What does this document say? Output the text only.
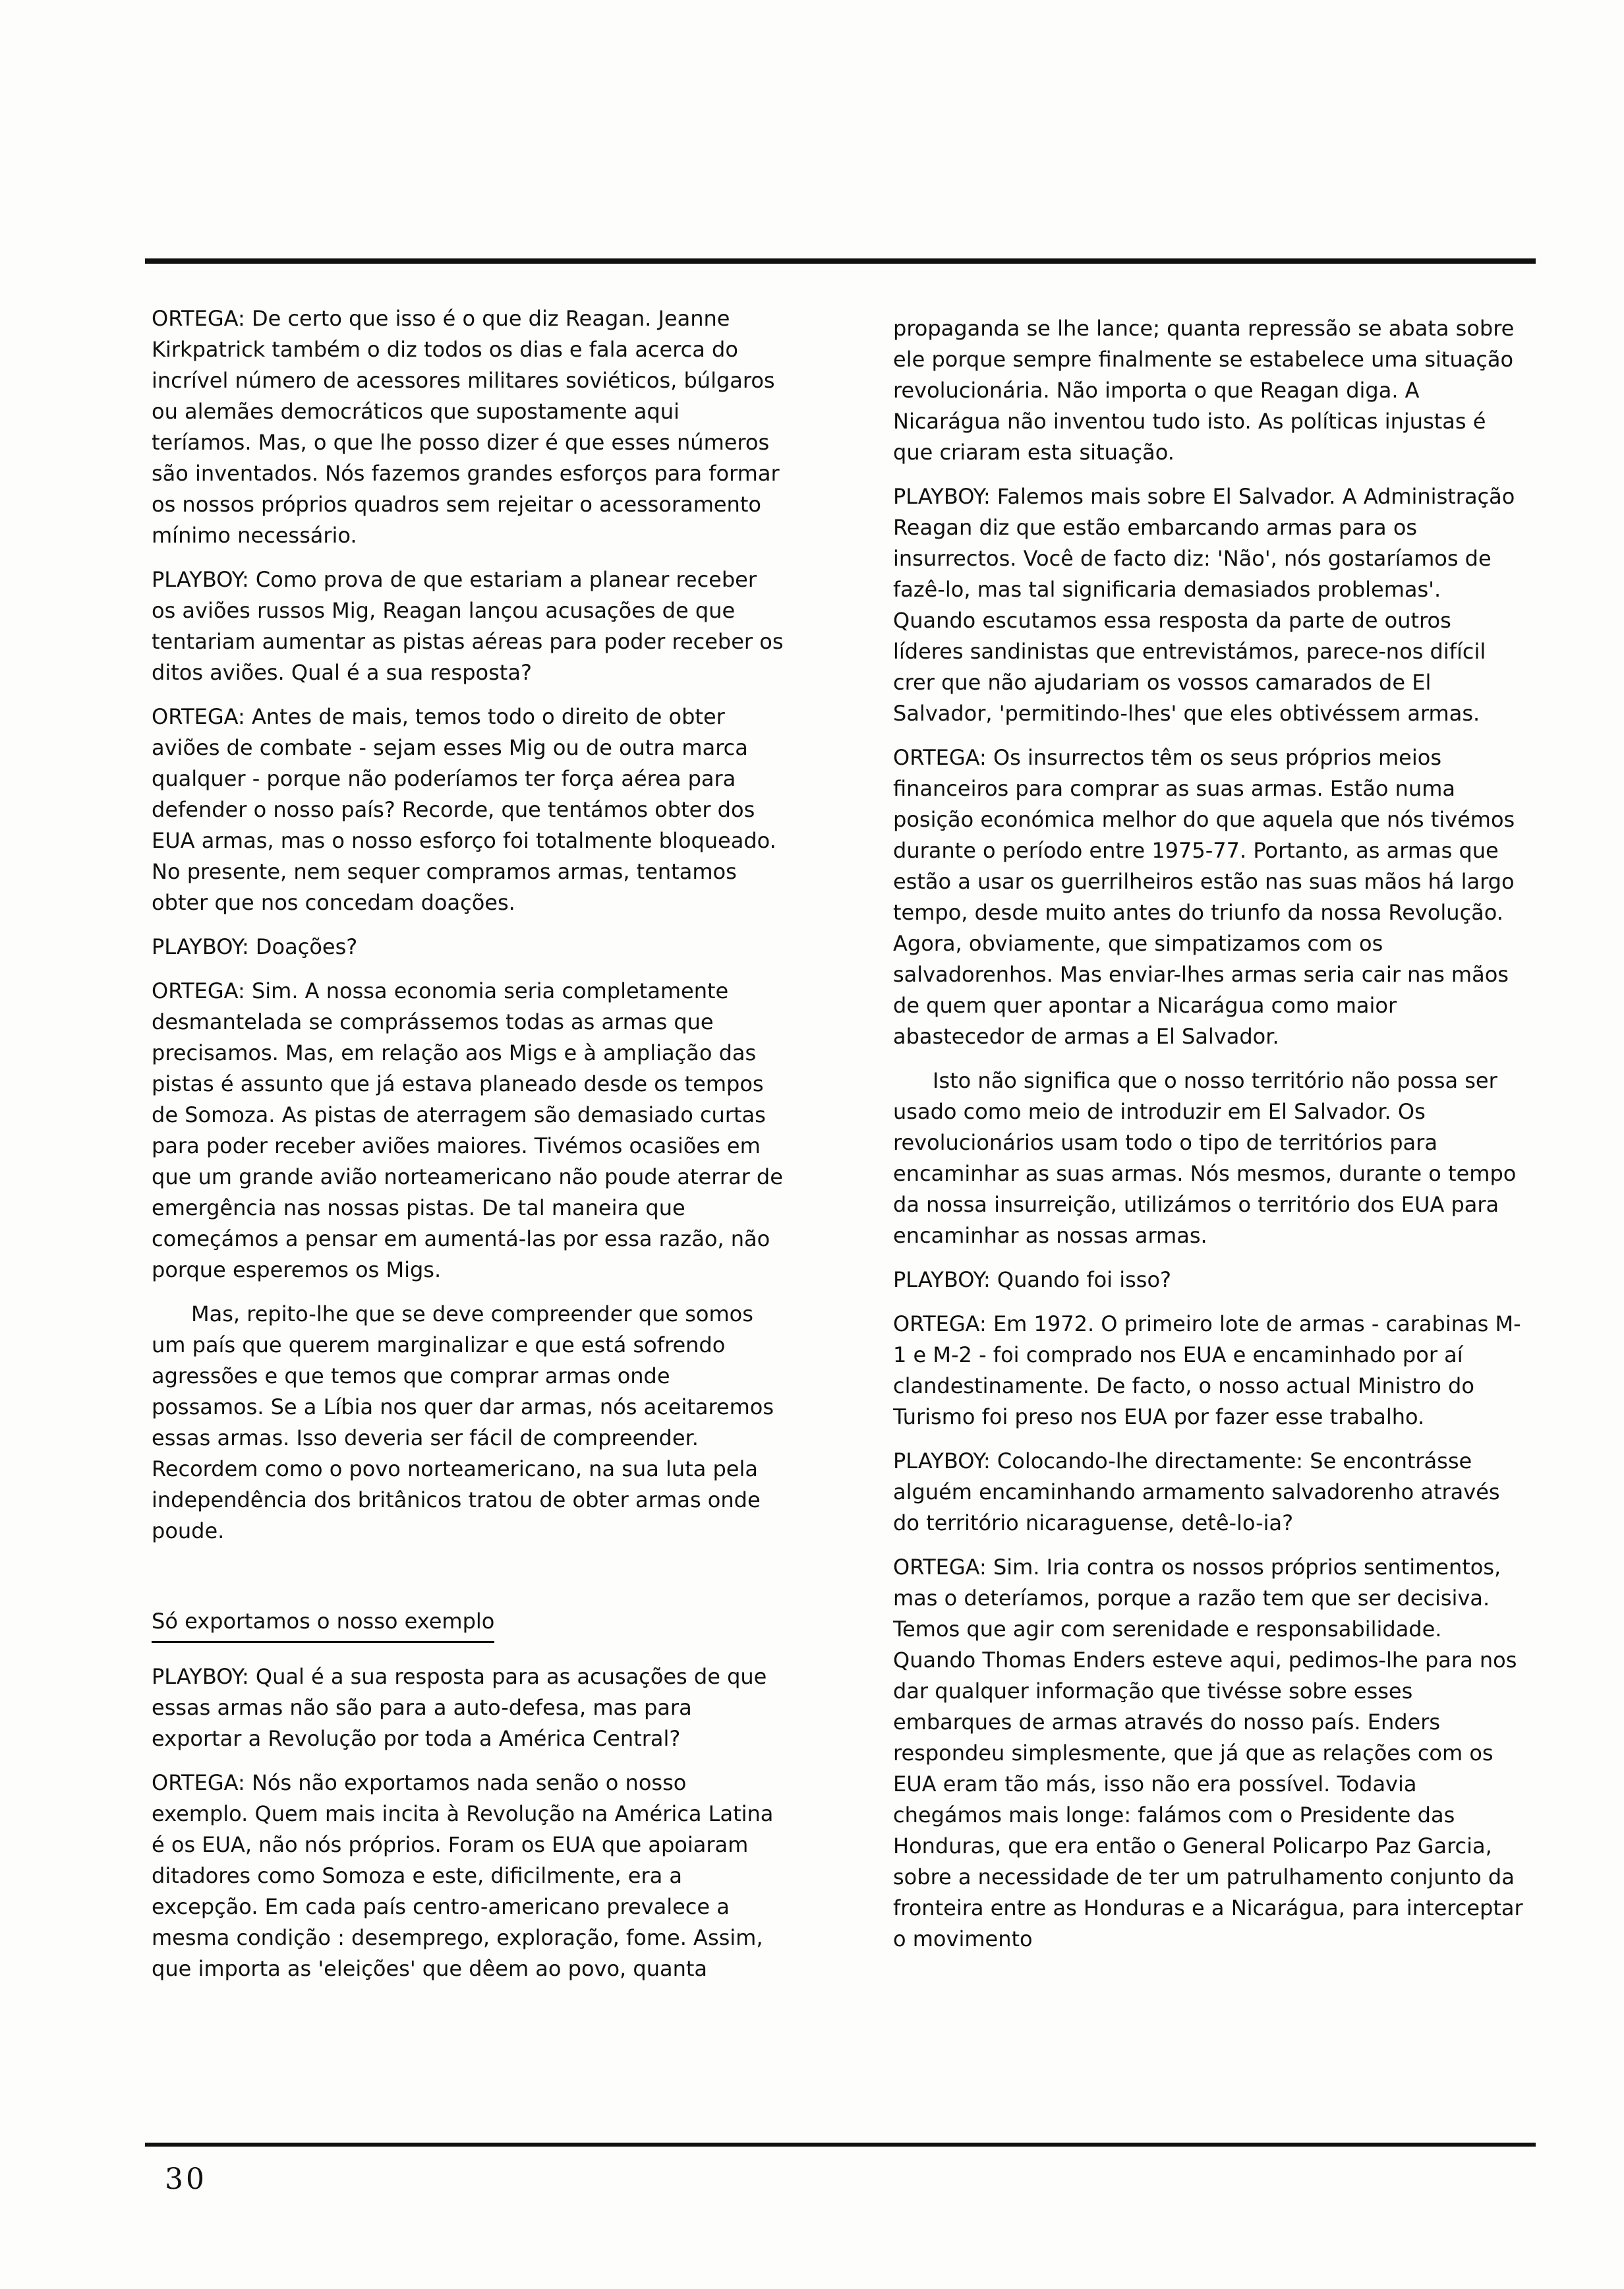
ORTEGA: De certo que isso é o que diz Reagan. Jeanne Kirkpatrick também o diz todos os dias e fala acerca do incrível número de acessores militares soviéticos, búlgaros ou alemães democráticos que supostamente aqui teríamos. Mas, o que lhe posso dizer é que esses números são inventados. Nós fazemos grandes esforços para formar os nossos próprios quadros sem rejeitar o acessoramento mínimo necessário.

PLAYBOY: Como prova de que estariam a planear receber os aviões russos Mig, Reagan lançou acusações de que tentariam aumentar as pistas aéreas para poder receber os ditos aviões. Qual é a sua resposta?

ORTEGA: Antes de mais, temos todo o direito de obter aviões de combate - sejam esses Mig ou de outra marca qualquer - porque não poderíamos ter força aérea para defender o nosso país? Recorde, que tentámos obter dos EUA armas, mas o nosso esforço foi totalmente bloqueado. No presente, nem sequer compramos armas, tentamos obter que nos concedam doações.

PLAYBOY: Doações?

ORTEGA: Sim. A nossa economia seria completamente desmantelada se comprássemos todas as armas que precisamos. Mas, em relação aos Migs e à ampliação das pistas é assunto que já estava planeado desde os tempos de Somoza. As pistas de aterragem são demasiado curtas para poder receber aviões maiores. Tivémos ocasiões em que um grande avião norteamericano não poude aterrar de emergência nas nossas pistas. De tal maneira que começámos a pensar em aumentá-las por essa razão, não porque esperemos os Migs.

Mas, repito-lhe que se deve compreender que somos um país que querem marginalizar e que está sofrendo agressões e que temos que comprar armas onde possamos. Se a Líbia nos quer dar armas, nós aceitaremos essas armas. Isso deveria ser fácil de compreender. Recordem como o povo norteamericano, na sua luta pela independência dos britânicos tratou de obter armas onde poude.

Só exportamos o nosso exemplo

PLAYBOY: Qual é a sua resposta para as acusações de que essas armas não são para a auto-defesa, mas para exportar a Revolução por toda a América Central?

ORTEGA: Nós não exportamos nada senão o nosso exemplo. Quem mais incita à Revolução na América Latina é os EUA, não nós próprios. Foram os EUA que apoiaram ditadores como Somoza e este, dificilmente, era a excepção. Em cada país centro-americano prevalece a mesma condição : desemprego, exploração, fome. Assim, que importa as 'eleições' que dêem ao povo, quanta

propaganda se lhe lance; quanta repressão se abata sobre ele porque sempre finalmente se estabelece uma situação revolucionária. Não importa o que Reagan diga. A Nicarágua não inventou tudo isto. As políticas injustas é que criaram esta situação.

PLAYBOY: Falemos mais sobre El Salvador. A Administração Reagan diz que estão embarcando armas para os insurrectos. Você de facto diz: 'Não', nós gostaríamos de fazê-lo, mas tal significaria demasiados problemas'. Quando escutamos essa resposta da parte de outros líderes sandinistas que entrevistámos, parece-nos difícil crer que não ajudariam os vossos camarados de El Salvador, 'permitindo-lhes' que eles obtivéssem armas.

ORTEGA: Os insurrectos têm os seus próprios meios financeiros para comprar as suas armas. Estão numa posição económica melhor do que aquela que nós tivémos durante o período entre 1975-77. Portanto, as armas que estão a usar os guerrilheiros estão nas suas mãos há largo tempo, desde muito antes do triunfo da nossa Revolução. Agora, obviamente, que simpatizamos com os salvadorenhos. Mas enviar-lhes armas seria cair nas mãos de quem quer apontar a Nicarágua como maior abastecedor de armas a El Salvador.

Isto não significa que o nosso território não possa ser usado como meio de introduzir em El Salvador. Os revolucionários usam todo o tipo de territórios para encaminhar as suas armas. Nós mesmos, durante o tempo da nossa insurreição, utilizámos o território dos EUA para encaminhar as nossas armas.

PLAYBOY: Quando foi isso?

ORTEGA: Em 1972. O primeiro lote de armas - carabinas M-1 e M-2 - foi comprado nos EUA e encaminhado por aí clandestinamente. De facto, o nosso actual Ministro do Turismo foi preso nos EUA por fazer esse trabalho.

PLAYBOY: Colocando-lhe directamente: Se encontrásse alguém encaminhando armamento salvadorenho através do território nicaraguense, detê-lo-ia?

ORTEGA: Sim. Iria contra os nossos próprios sentimentos, mas o deteríamos, porque a razão tem que ser decisiva. Temos que agir com serenidade e responsabilidade. Quando Thomas Enders esteve aqui, pedimos-lhe para nos dar qualquer informação que tivésse sobre esses embarques de armas através do nosso país. Enders respondeu simplesmente, que já que as relações com os EUA eram tão más, isso não era possível. Todavia chegámos mais longe: falámos com o Presidente das Honduras, que era então o General Policarpo Paz Garcia, sobre a necessidade de ter um patrulhamento conjunto da fronteira entre as Honduras e a Nicarágua, para interceptar o movimento

30
